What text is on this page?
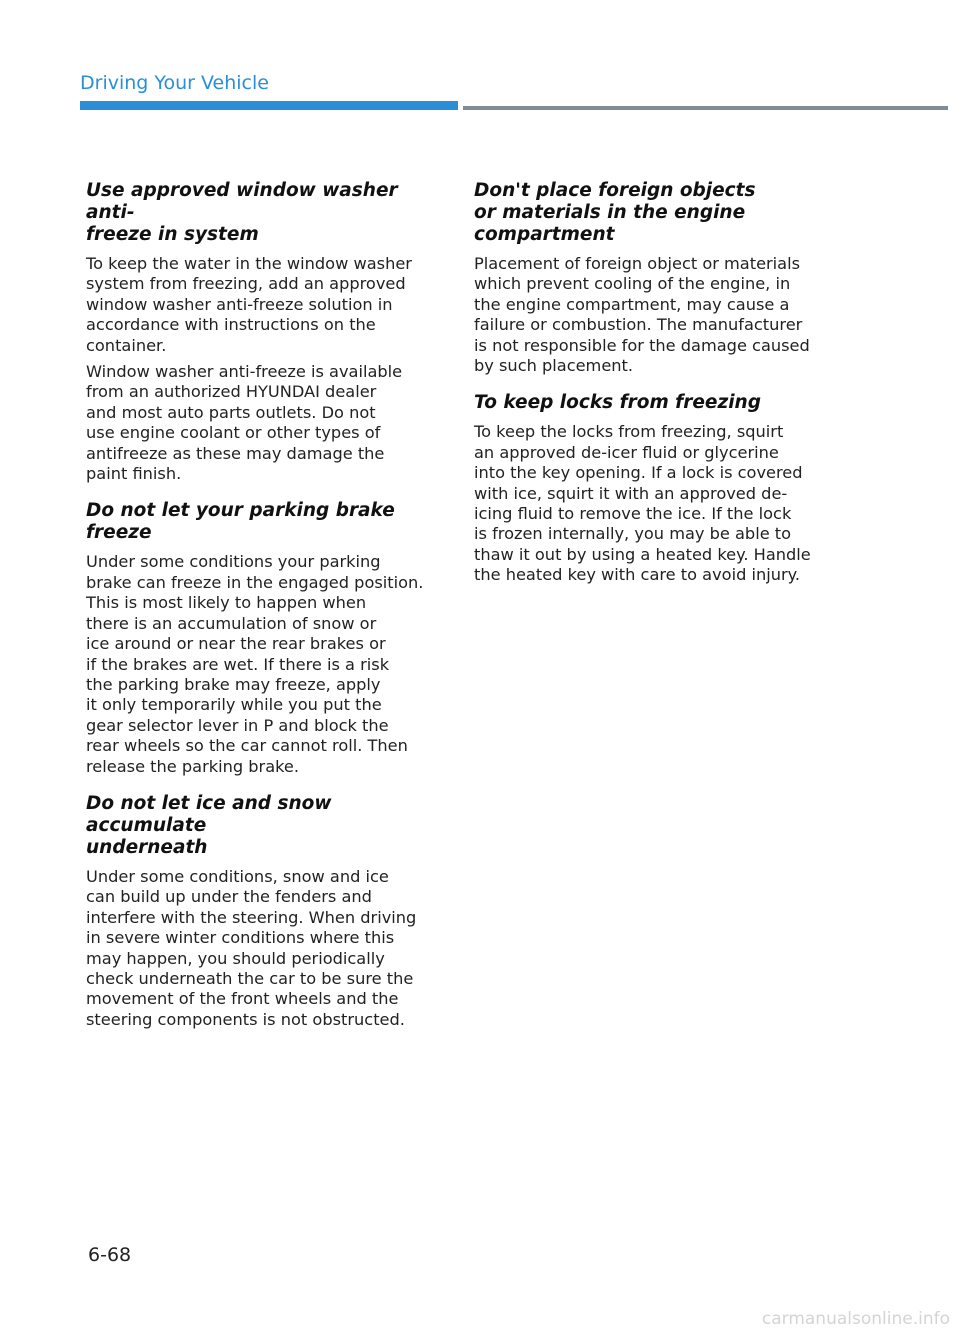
Driving Your Vehicle
Use approved window washer anti-
freeze in system

To keep the water in the window washer
system from freezing, add an approved
window washer anti-freeze solution in
accordance with instructions on the
container.

Window washer anti-freeze is available
from an authorized HYUNDAI dealer
and most auto parts outlets. Do not
use engine coolant or other types of
antifreeze as these may damage the
paint finish.

Do not let your parking brake freeze

Under some conditions your parking
brake can freeze in the engaged position.
This is most likely to happen when
there is an accumulation of snow or
ice around or near the rear brakes or
if the brakes are wet. If there is a risk
the parking brake may freeze, apply
it only temporarily while you put the
gear selector lever in P and block the
rear wheels so the car cannot roll. Then
release the parking brake.

Do not let ice and snow accumulate
underneath

Under some conditions, snow and ice
can build up under the fenders and
interfere with the steering. When driving
in severe winter conditions where this
may happen, you should periodically
check underneath the car to be sure the
movement of the front wheels and the
steering components is not obstructed.

Don't place foreign objects
or materials in the engine
compartment

Placement of foreign object or materials
which prevent cooling of the engine, in
the engine compartment, may cause a
failure or combustion. The manufacturer
is not responsible for the damage caused
by such placement.

To keep locks from freezing

To keep the locks from freezing, squirt
an approved de-icer fluid or glycerine
into the key opening. If a lock is covered
with ice, squirt it with an approved de-
icing fluid to remove the ice. If the lock
is frozen internally, you may be able to
thaw it out by using a heated key. Handle
the heated key with care to avoid injury.

6-68
carmanualsonline.info
